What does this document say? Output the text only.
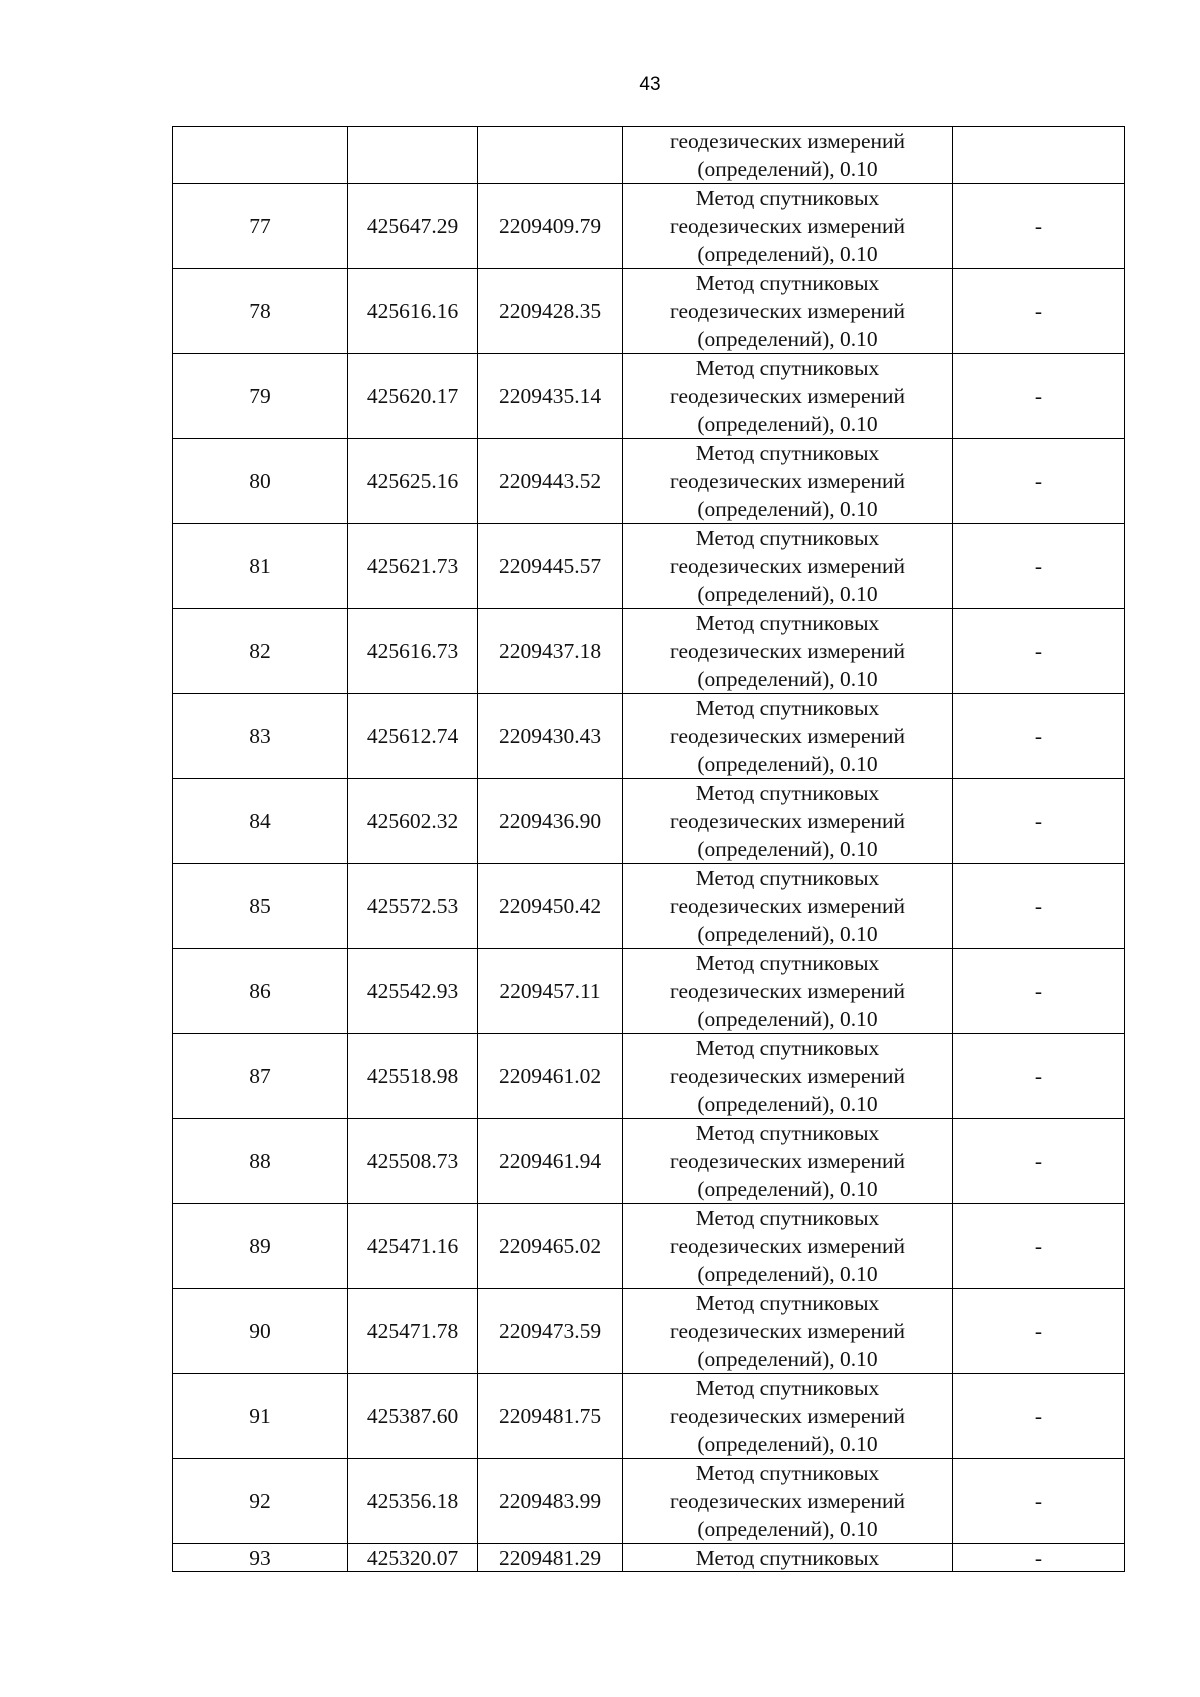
43
			геодезических измерений
(определений), 0.10	
77	425647.29	2209409.79	Метод спутниковых
геодезических измерений
(определений), 0.10	-
78	425616.16	2209428.35	Метод спутниковых
геодезических измерений
(определений), 0.10	-
79	425620.17	2209435.14	Метод спутниковых
геодезических измерений
(определений), 0.10	-
80	425625.16	2209443.52	Метод спутниковых
геодезических измерений
(определений), 0.10	-
81	425621.73	2209445.57	Метод спутниковых
геодезических измерений
(определений), 0.10	-
82	425616.73	2209437.18	Метод спутниковых
геодезических измерений
(определений), 0.10	-
83	425612.74	2209430.43	Метод спутниковых
геодезических измерений
(определений), 0.10	-
84	425602.32	2209436.90	Метод спутниковых
геодезических измерений
(определений), 0.10	-
85	425572.53	2209450.42	Метод спутниковых
геодезических измерений
(определений), 0.10	-
86	425542.93	2209457.11	Метод спутниковых
геодезических измерений
(определений), 0.10	-
87	425518.98	2209461.02	Метод спутниковых
геодезических измерений
(определений), 0.10	-
88	425508.73	2209461.94	Метод спутниковых
геодезических измерений
(определений), 0.10	-
89	425471.16	2209465.02	Метод спутниковых
геодезических измерений
(определений), 0.10	-
90	425471.78	2209473.59	Метод спутниковых
геодезических измерений
(определений), 0.10	-
91	425387.60	2209481.75	Метод спутниковых
геодезических измерений
(определений), 0.10	-
92	425356.18	2209483.99	Метод спутниковых
геодезических измерений
(определений), 0.10	-
93	425320.07	2209481.29	Метод спутниковых	-
